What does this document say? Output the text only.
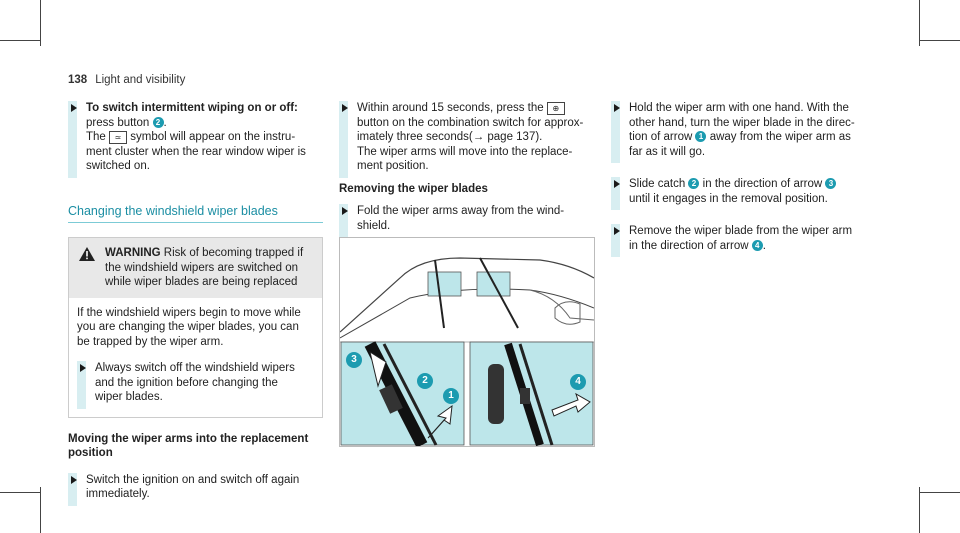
138 Light and visibility
To switch intermittent wiping on or off:
press button 2 .
The ≃ symbol will appear on the instru-
ment cluster when the rear window wiper is
switched on.
Changing the windshield wiper blades
WARNING Risk of becoming trapped if
the windshield wipers are switched on
while wiper blades are being replaced
If the windshield wipers begin to move while
you are changing the wiper blades, you can
be trapped by the wiper arm.
Always switch off the windshield wipers
and the ignition before changing the
wiper blades.
Moving the wiper arms into the replacement
position
Switch the ignition on and switch off again
immediately.
Within around 15 seconds, press the ⊕
button on the combination switch for approx-
imately three seconds(→ page 137).
The wiper arms will move into the replace-
ment position.
Removing the wiper blades
Fold the wiper arms away from the wind-
shield.
3
2
1
4
Hold the wiper arm with one hand. With the
other hand, turn the wiper blade in the direc-
tion of arrow 1 away from the wiper arm as
far as it will go.
Slide catch 2 in the direction of arrow 3
until it engages in the removal position.
Remove the wiper blade from the wiper arm
in the direction of arrow 4 .
